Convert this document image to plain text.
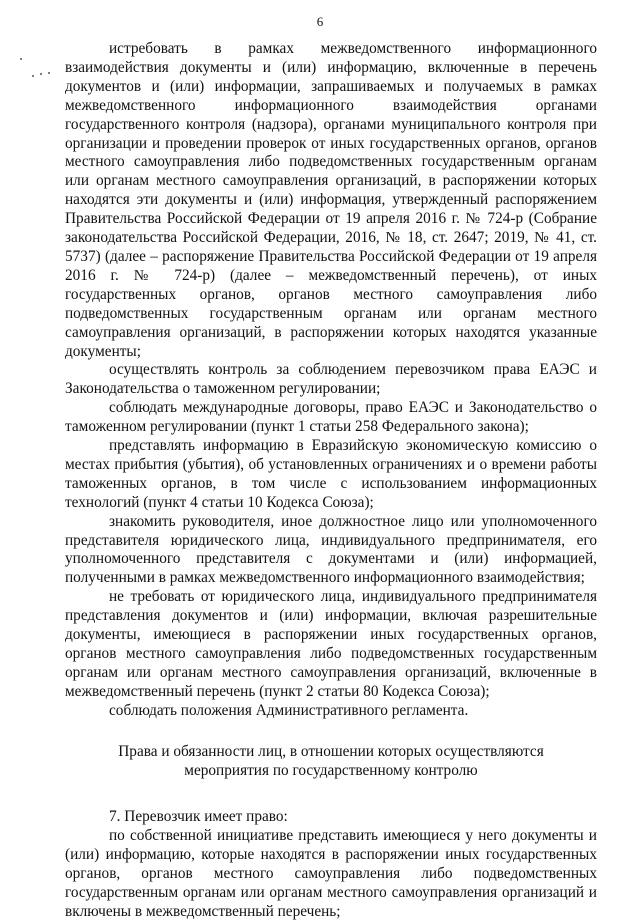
6

истребовать в рамках межведомственного информационного взаимодействия документы и (или) информацию, включенные в перечень документов и (или) информации, запрашиваемых и получаемых в рамках межведомственного информационного взаимодействия органами государственного контроля (надзора), органами муниципального контроля при организации и проведении проверок от иных государственных органов, органов местного самоуправления либо подведомственных государственным органам или органам местного самоуправления организаций, в распоряжении которых находятся эти документы и (или) информация, утвержденный распоряжением Правительства Российской Федерации от 19 апреля 2016 г. № 724-р (Собрание законодательства Российской Федерации, 2016, № 18, ст. 2647; 2019, № 41, ст. 5737) (далее – распоряжение Правительства Российской Федерации от 19 апреля 2016 г. № 724-р) (далее – межведомственный перечень), от иных государственных органов, органов местного самоуправления либо подведомственных государственным органам или органам местного самоуправления организаций, в распоряжении которых находятся указанные документы;

осуществлять контроль за соблюдением перевозчиком права ЕАЭС и Законодательства о таможенном регулировании;

соблюдать международные договоры, право ЕАЭС и Законодательство о таможенном регулировании (пункт 1 статьи 258 Федерального закона);

представлять информацию в Евразийскую экономическую комиссию о местах прибытия (убытия), об установленных ограничениях и о времени работы таможенных органов, в том числе с использованием информационных технологий (пункт 4 статьи 10 Кодекса Союза);

знакомить руководителя, иное должностное лицо или уполномоченного представителя юридического лица, индивидуального предпринимателя, его уполномоченного представителя с документами и (или) информацией, полученными в рамках межведомственного информационного взаимодействия;

не требовать от юридического лица, индивидуального предпринимателя представления документов и (или) информации, включая разрешительные документы, имеющиеся в распоряжении иных государственных органов, органов местного самоуправления либо подведомственных государственным органам или органам местного самоуправления организаций, включенные в межведомственный перечень (пункт 2 статьи 80 Кодекса Союза);

соблюдать положения Административного регламента.

Права и обязанности лиц, в отношении которых осуществляются

мероприятия по государственному контролю

7. Перевозчик имеет право:

по собственной инициативе представить имеющиеся у него документы и (или) информацию, которые находятся в распоряжении иных государственных органов, органов местного самоуправления либо подведомственных государственным органам или органам местного самоуправления организаций и включены в межведомственный перечень;
